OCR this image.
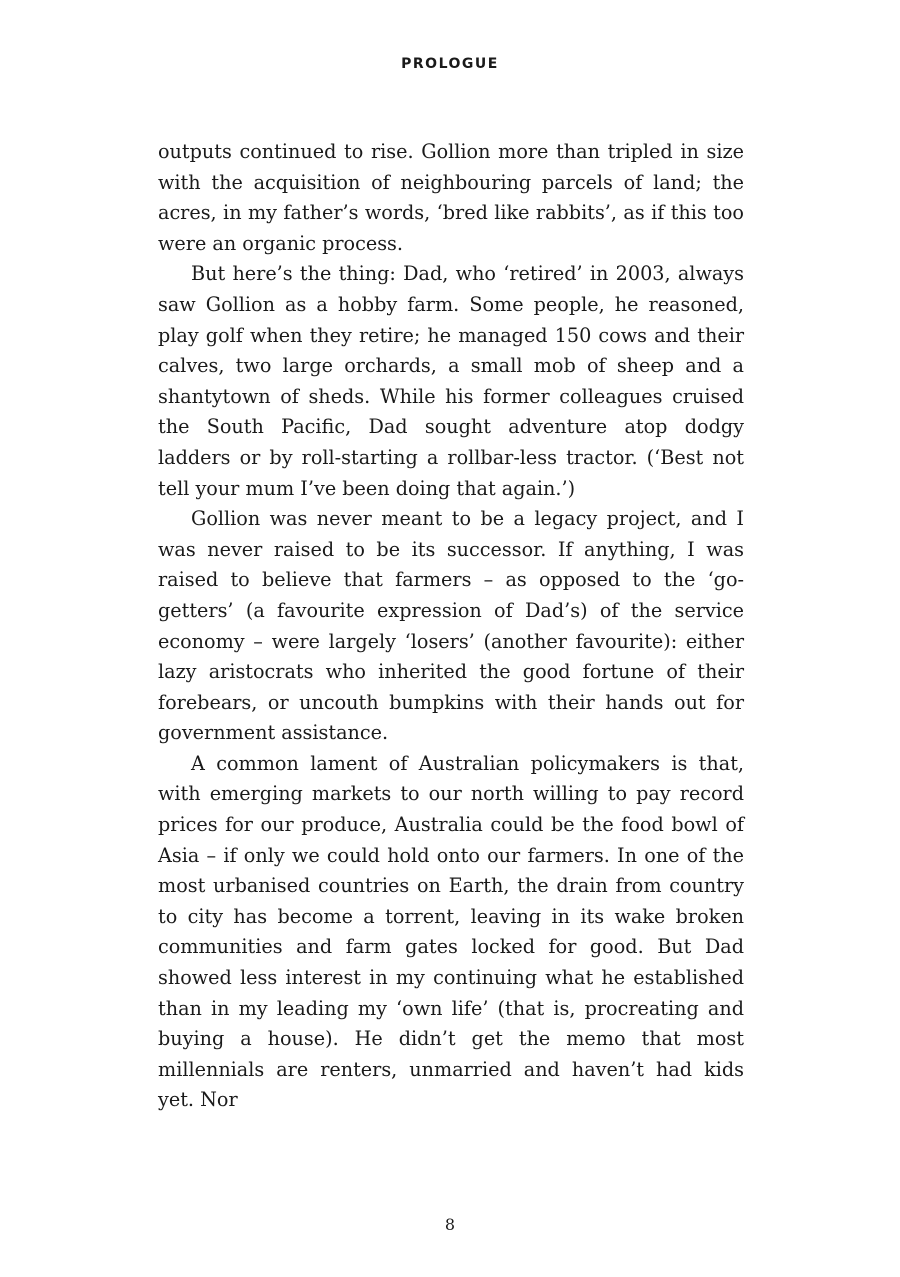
PROLOGUE

outputs continued to rise. Gollion more than tripled in size with the acquisition of neighbouring parcels of land; the acres, in my father’s words, ‘bred like rabbits’, as if this too were an organic process.

But here’s the thing: Dad, who ‘retired’ in 2003, always saw Gollion as a hobby farm. Some people, he reasoned, play golf when they retire; he managed 150 cows and their calves, two large orchards, a small mob of sheep and a shantytown of sheds. While his former colleagues cruised the South Pacific, Dad sought adventure atop dodgy ladders or by roll-starting a rollbar-less tractor. (‘Best not tell your mum I’ve been doing that again.’)

Gollion was never meant to be a legacy project, and I was never raised to be its successor. If anything, I was raised to believe that farmers – as opposed to the ‘go-getters’ (a favourite expression of Dad’s) of the service economy – were largely ‘losers’ (another favourite): either lazy aristocrats who inherited the good fortune of their forebears, or uncouth bumpkins with their hands out for government assistance.

A common lament of Australian policymakers is that, with emerging markets to our north willing to pay record prices for our produce, Australia could be the food bowl of Asia – if only we could hold onto our farmers. In one of the most urbanised countries on Earth, the drain from country to city has become a torrent, leaving in its wake broken communities and farm gates locked for good. But Dad showed less interest in my continuing what he established than in my leading my ‘own life’ (that is, procreating and buying a house). He didn’t get the memo that most millennials are renters, unmarried and haven’t had kids yet. Nor

8
